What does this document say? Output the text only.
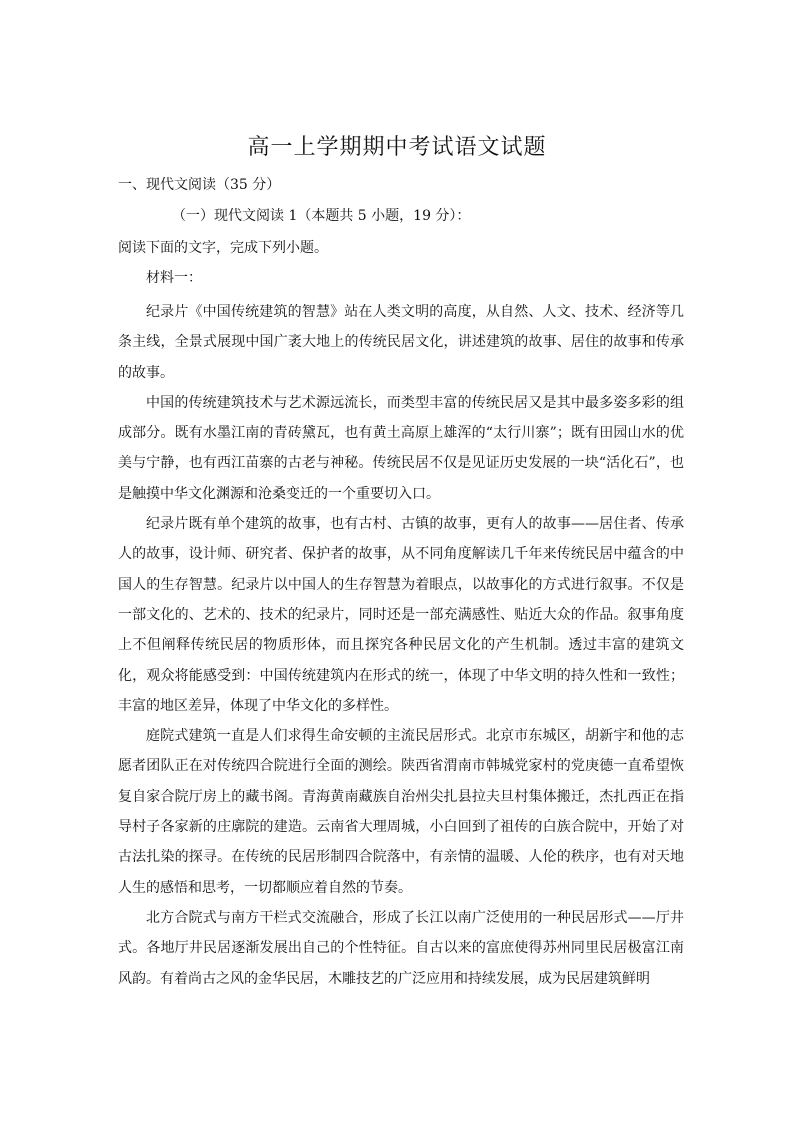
高一上学期期中考试语文试题
一、现代文阅读（35 分）
（一）现代文阅读 1（本题共 5 小题，19 分）：
阅读下面的文字，完成下列小题。
材料一：

纪录片《中国传统建筑的智慧》站在人类文明的高度，从自然、人文、技术、经济等几条主线，全景式展现中国广袤大地上的传统民居文化，讲述建筑的故事、居住的故事和传承的故事。

中国的传统建筑技术与艺术源远流长，而类型丰富的传统民居又是其中最多姿多彩的组成部分。既有水墨江南的青砖黛瓦，也有黄土高原上雄浑的“太行川寨”；既有田园山水的优美与宁静，也有西江苗寨的古老与神秘。传统民居不仅是见证历史发展的一块“活化石”，也是触摸中华文化渊源和沧桑变迁的一个重要切入口。

纪录片既有单个建筑的故事，也有古村、古镇的故事，更有人的故事——居住者、传承人的故事，设计师、研究者、保护者的故事，从不同角度解读几千年来传统民居中蕴含的中国人的生存智慧。纪录片以中国人的生存智慧为着眼点，以故事化的方式进行叙事。不仅是一部文化的、艺术的、技术的纪录片，同时还是一部充满感性、贴近大众的作品。叙事角度上不但阐释传统民居的物质形体，而且探究各种民居文化的产生机制。透过丰富的建筑文化，观众将能感受到：中国传统建筑内在形式的统一，体现了中华文明的持久性和一致性；丰富的地区差异，体现了中华文化的多样性。

庭院式建筑一直是人们求得生命安顿的主流民居形式。北京市东城区，胡新宇和他的志愿者团队正在对传统四合院进行全面的测绘。陕西省渭南市韩城党家村的党庚德一直希望恢复自家合院厅房上的藏书阁。青海黄南藏族自治州尖扎县拉夫旦村集体搬迁，杰扎西正在指导村子各家新的庄廓院的建造。云南省大理周城，小白回到了祖传的白族合院中，开始了对古法扎染的探寻。在传统的民居形制四合院落中，有亲情的温暖、人伦的秩序，也有对天地人生的感悟和思考，一切都顺应着自然的节奏。

北方合院式与南方干栏式交流融合，形成了长江以南广泛使用的一种民居形式——厅井式。各地厅井民居逐渐发展出自己的个性特征。自古以来的富庶使得苏州同里民居极富江南风韵。有着尚古之风的金华民居，木雕技艺的广泛应用和持续发展，成为民居建筑鲜明
